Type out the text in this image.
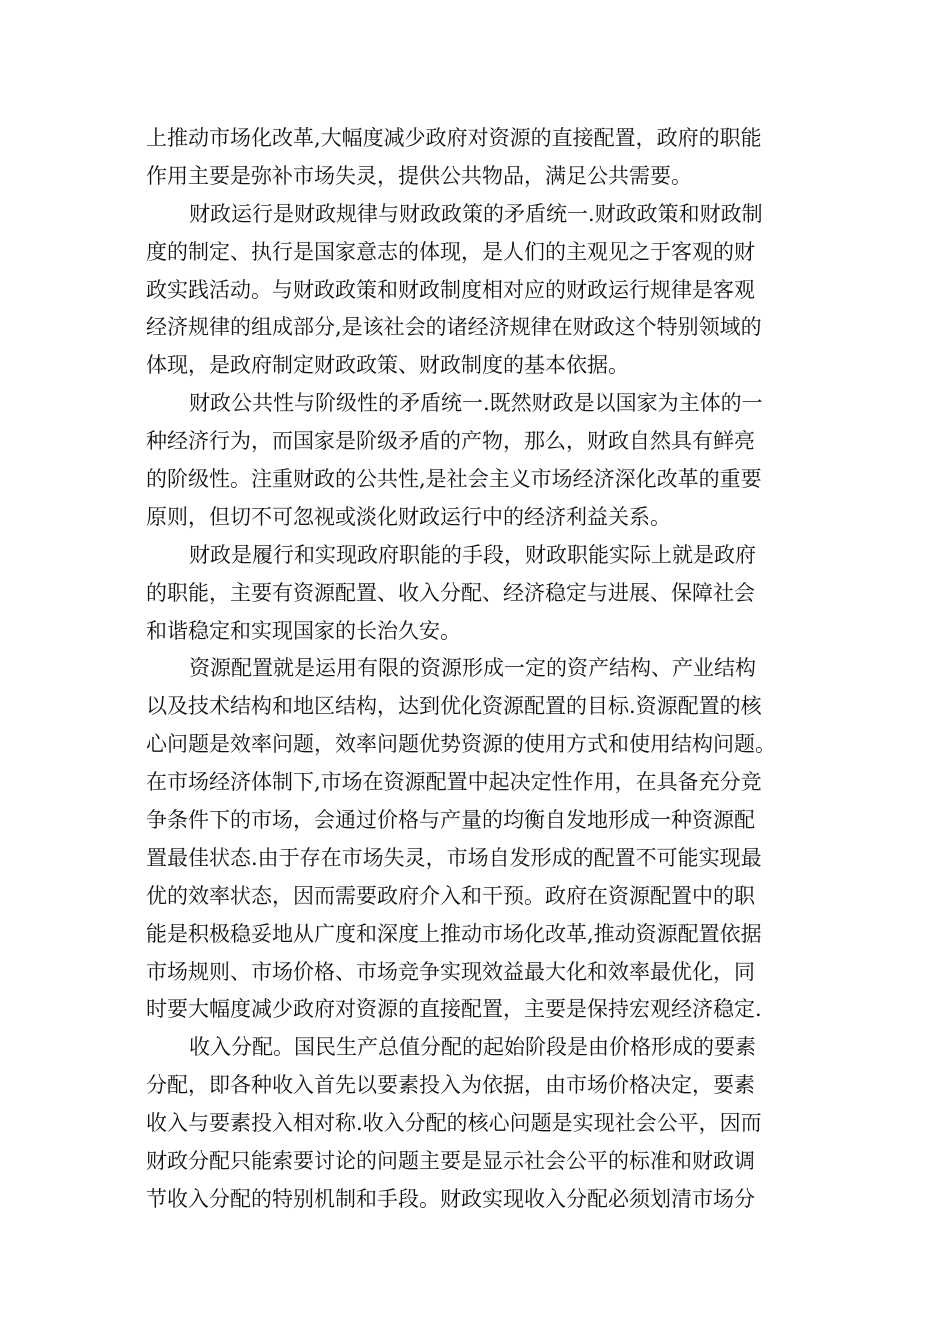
上推动市场化改革,大幅度减少政府对资源的直接配置，政府的职能
作用主要是弥补市场失灵，提供公共物品，满足公共需要。
财政运行是财政规律与财政政策的矛盾统一.财政政策和财政制
度的制定、执行是国家意志的体现，是人们的主观见之于客观的财
政实践活动。与财政政策和财政制度相对应的财政运行规律是客观
经济规律的组成部分,是该社会的诸经济规律在财政这个特别领域的
体现，是政府制定财政政策、财政制度的基本依据。
财政公共性与阶级性的矛盾统一.既然财政是以国家为主体的一
种经济行为，而国家是阶级矛盾的产物，那么，财政自然具有鲜亮
的阶级性。注重财政的公共性,是社会主义市场经济深化改革的重要
原则，但切不可忽视或淡化财政运行中的经济利益关系。
财政是履行和实现政府职能的手段，财政职能实际上就是政府
的职能，主要有资源配置、收入分配、经济稳定与进展、保障社会
和谐稳定和实现国家的长治久安。
资源配置就是运用有限的资源形成一定的资产结构、产业结构
以及技术结构和地区结构，达到优化资源配置的目标.资源配置的核
心问题是效率问题，效率问题优势资源的使用方式和使用结构问题。
在市场经济体制下,市场在资源配置中起决定性作用，在具备充分竞
争条件下的市场，会通过价格与产量的均衡自发地形成一种资源配
置最佳状态.由于存在市场失灵，市场自发形成的配置不可能实现最
优的效率状态，因而需要政府介入和干预。政府在资源配置中的职
能是积极稳妥地从广度和深度上推动市场化改革,推动资源配置依据
市场规则、市场价格、市场竞争实现效益最大化和效率最优化，同
时要大幅度减少政府对资源的直接配置，主要是保持宏观经济稳定.
收入分配。国民生产总值分配的起始阶段是由价格形成的要素
分配，即各种收入首先以要素投入为依据，由市场价格决定，要素
收入与要素投入相对称.收入分配的核心问题是实现社会公平，因而
财政分配只能索要讨论的问题主要是显示社会公平的标准和财政调
节收入分配的特别机制和手段。财政实现收入分配必须划清市场分
